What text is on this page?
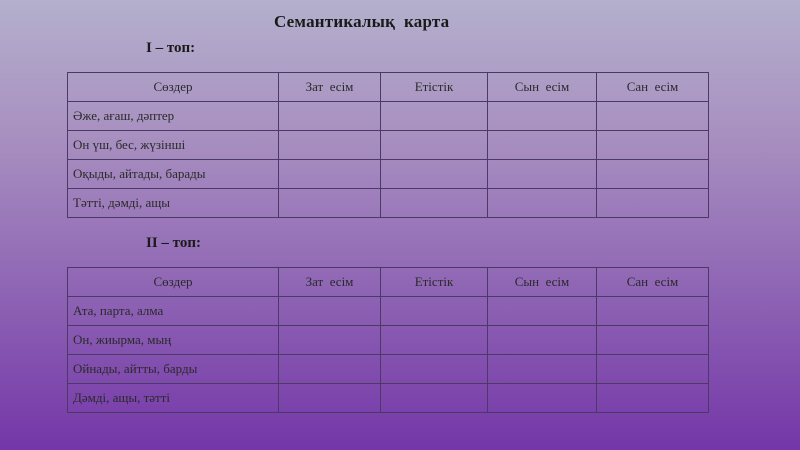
Семантикалық  карта
I – топ:
Сөздер	Зат  есім	Етістік	Сын  есім	Сан  есім
Әже, ағаш, дәптер				
Он үш, бес, жүзінші				
Оқыды, айтады, барады				
Тәтті, дәмді, ащы				
II – топ:
Сөздер	Зат  есім	Етістік	Сын  есім	Сан  есім
Ата, парта, алма				
Он, жиырма, мың				
Ойнады, айтты, барды				
Дәмді, ащы, тәтті				
